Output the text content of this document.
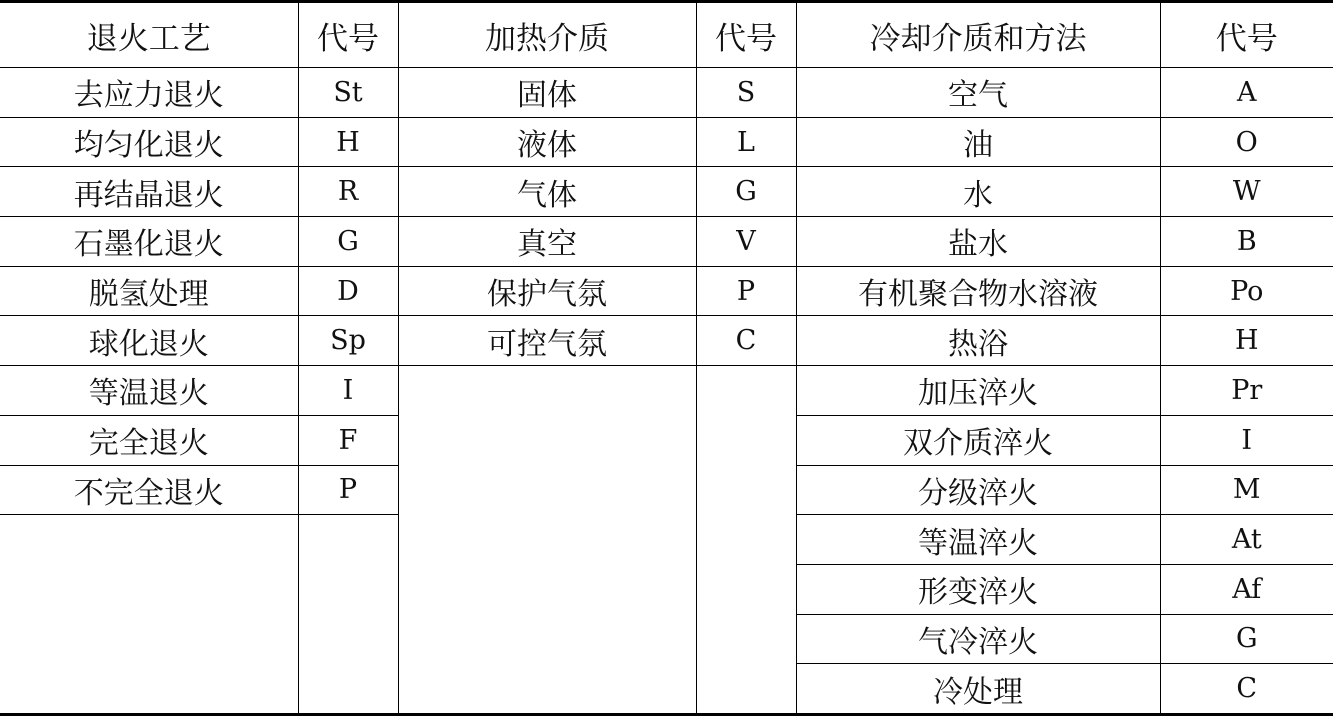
退火工艺	代号	加热介质	代号	冷却介质和方法	代号
去应力退火	St	固体	S	空气	A
均匀化退火	H	液体	L	油	O
再结晶退火	R	气体	G	水	W
石墨化退火	G	真空	V	盐水	B
脱氢处理	D	保护气氛	P	有机聚合物水溶液	Po
球化退火	Sp	可控气氛	C	热浴	H
等温退火	I			加压淬火	Pr
完全退火	F			双介质淬火	I
不完全退火	P			分级淬火	M
				等温淬火	At
				形变淬火	Af
				气冷淬火	G
				冷处理	C
